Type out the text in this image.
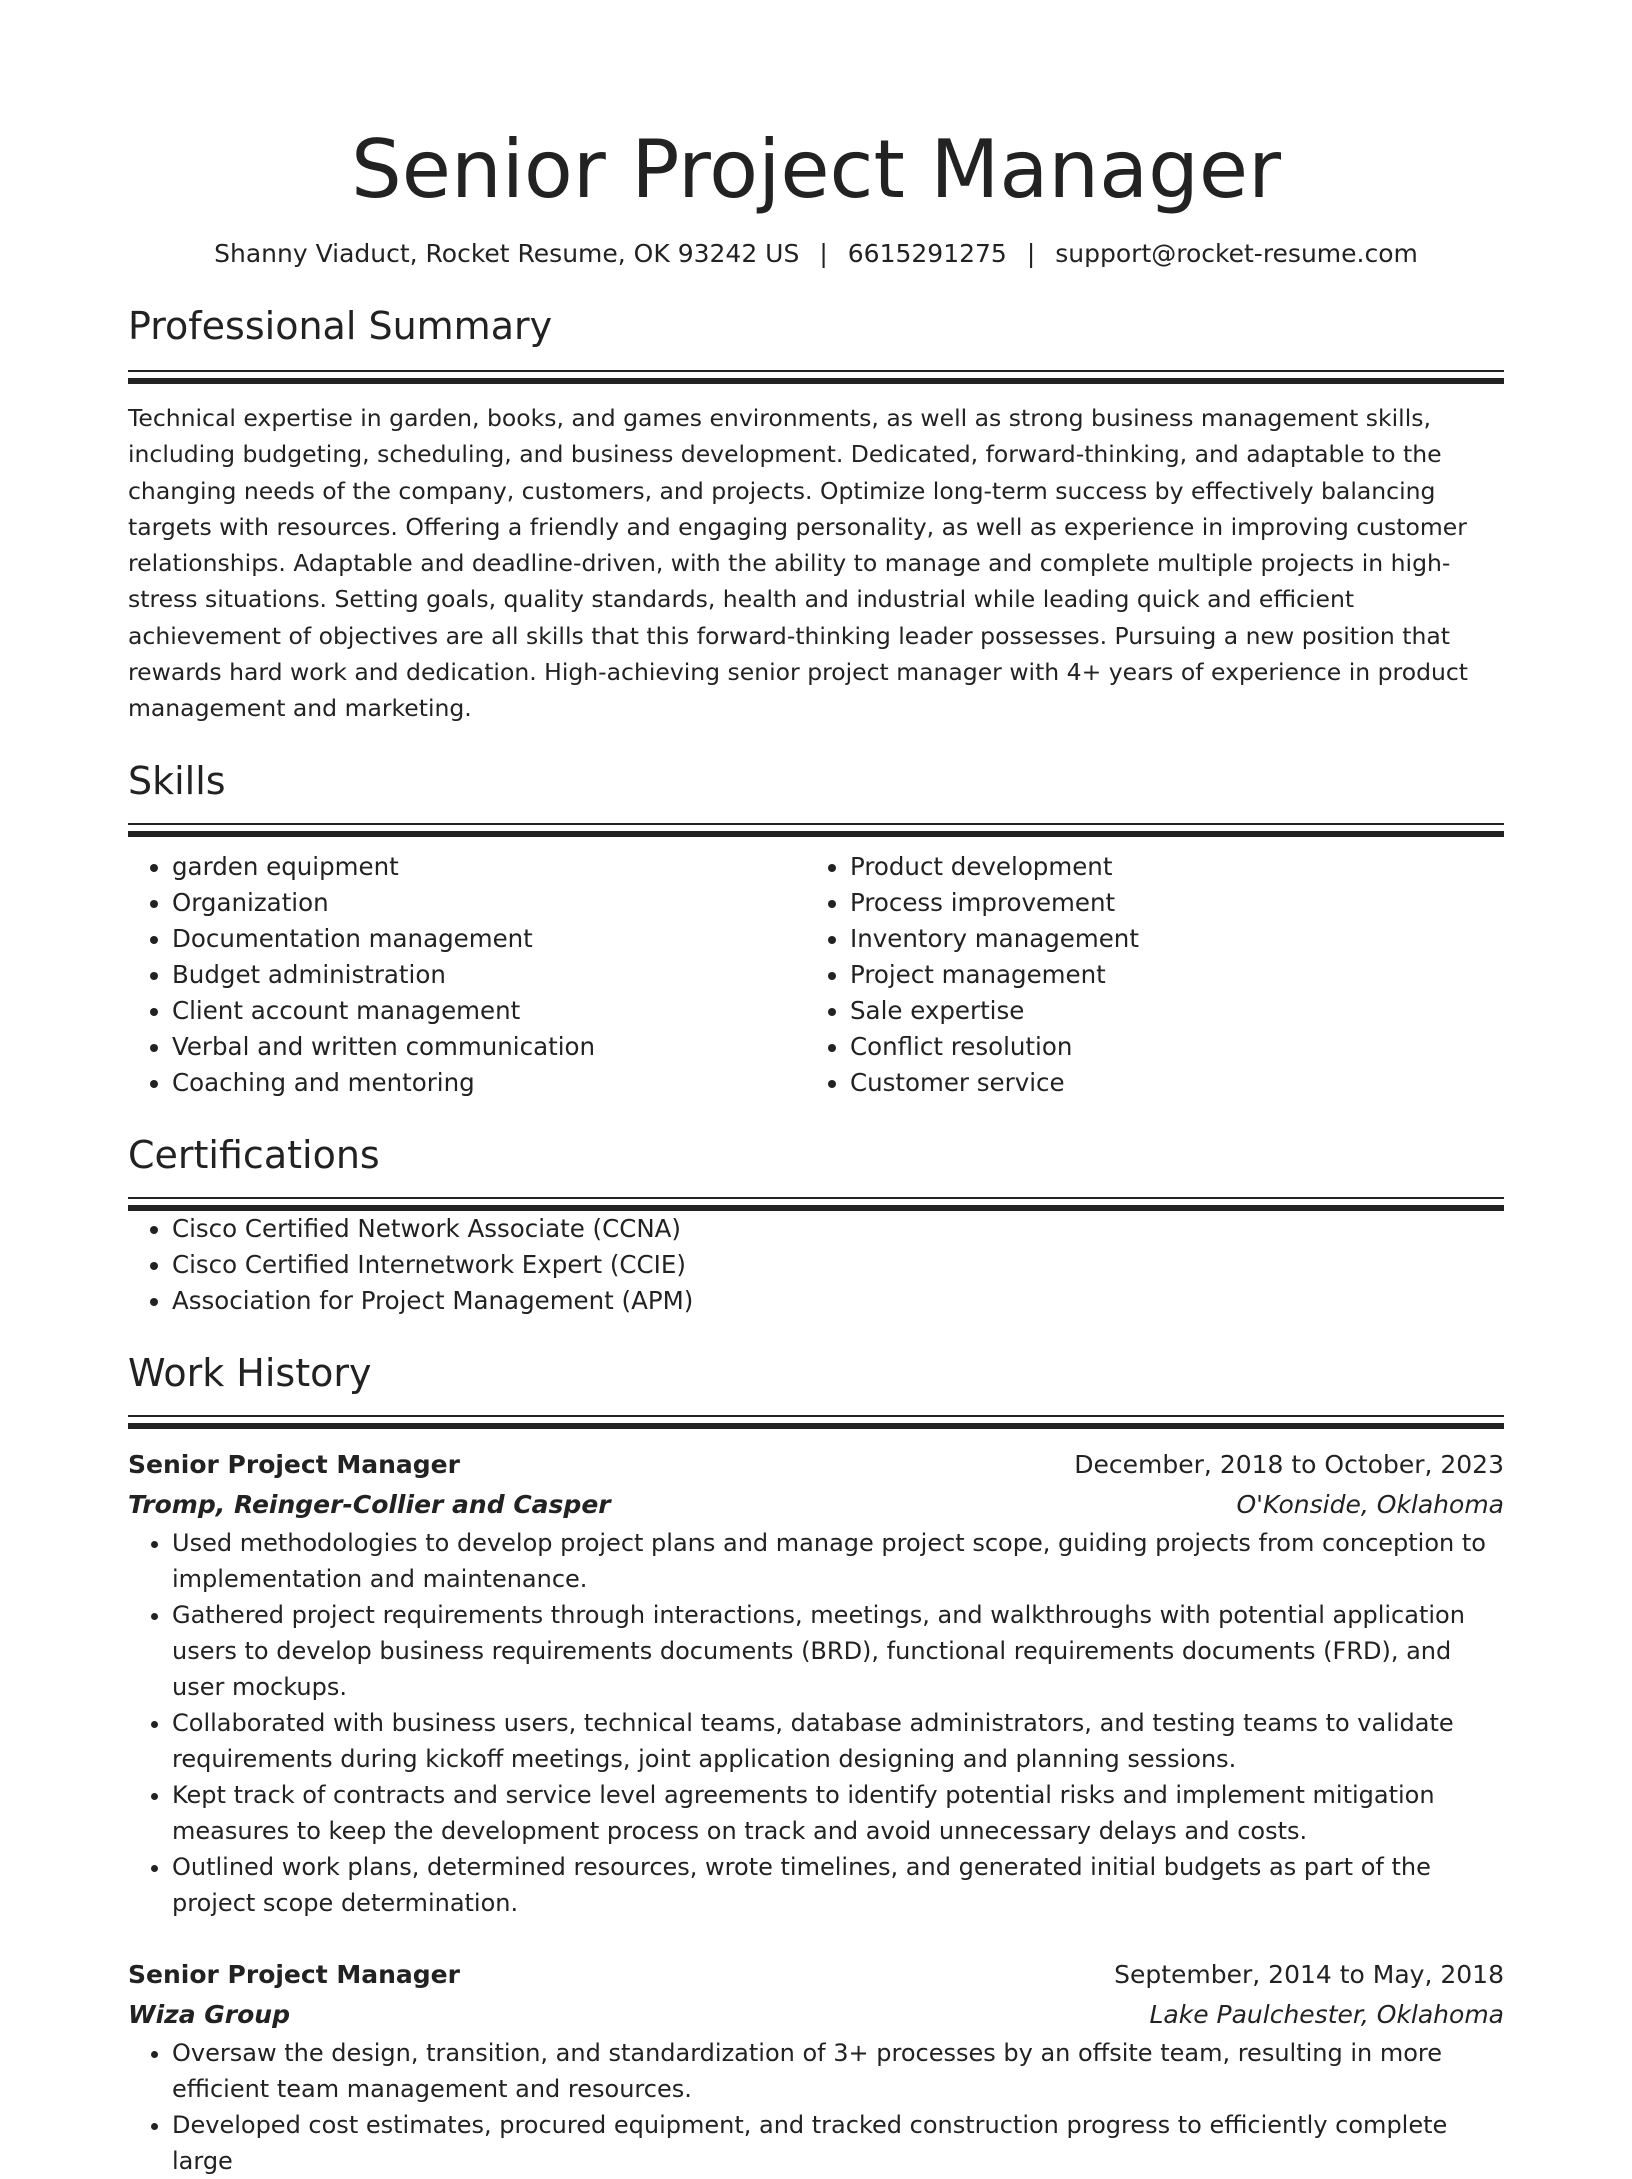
Senior Project Manager
Shanny Viaduct, Rocket Resume, OK 93242 US | 6615291275 | support@rocket-resume.com
Professional Summary

Technical expertise in garden, books, and games environments, as well as strong business management skills, including budgeting, scheduling, and business development. Dedicated, forward-thinking, and adaptable to the changing needs of the company, customers, and projects. Optimize long-term success by effectively balancing targets with resources. Offering a friendly and engaging personality, as well as experience in improving customer relationships. Adaptable and deadline-driven, with the ability to manage and complete multiple projects in high-stress situations. Setting goals, quality standards, health and industrial while leading quick and efficient achievement of objectives are all skills that this forward-thinking leader possesses. Pursuing a new position that rewards hard work and dedication. High-achieving senior project manager with 4+ years of experience in product management and marketing.

Skills
• garden equipment
• Organization
• Documentation management
• Budget administration
• Client account management
• Verbal and written communication
• Coaching and mentoring
• Product development
• Process improvement
• Inventory management
• Project management
• Sale expertise
• Conflict resolution
• Customer service
Certifications
• Cisco Certified Network Associate (CCNA)
• Cisco Certified Internetwork Expert (CCIE)
• Association for Project Management (APM)
Work History
Senior Project Manager	December, 2018 to October, 2023
Tromp, Reinger-Collier and Casper	O'Konside, Oklahoma
• Used methodologies to develop project plans and manage project scope, guiding projects from conception to implementation and maintenance.
• Gathered project requirements through interactions, meetings, and walkthroughs with potential application users to develop business requirements documents (BRD), functional requirements documents (FRD), and user mockups.
• Collaborated with business users, technical teams, database administrators, and testing teams to validate requirements during kickoff meetings, joint application designing and planning sessions.
• Kept track of contracts and service level agreements to identify potential risks and implement mitigation measures to keep the development process on track and avoid unnecessary delays and costs.
• Outlined work plans, determined resources, wrote timelines, and generated initial budgets as part of the project scope determination.
Senior Project Manager	September, 2014 to May, 2018
Wiza Group	Lake Paulchester, Oklahoma
• Oversaw the design, transition, and standardization of 3+ processes by an offsite team, resulting in more efficient team management and resources.
• Developed cost estimates, procured equipment, and tracked construction progress to efficiently complete large
